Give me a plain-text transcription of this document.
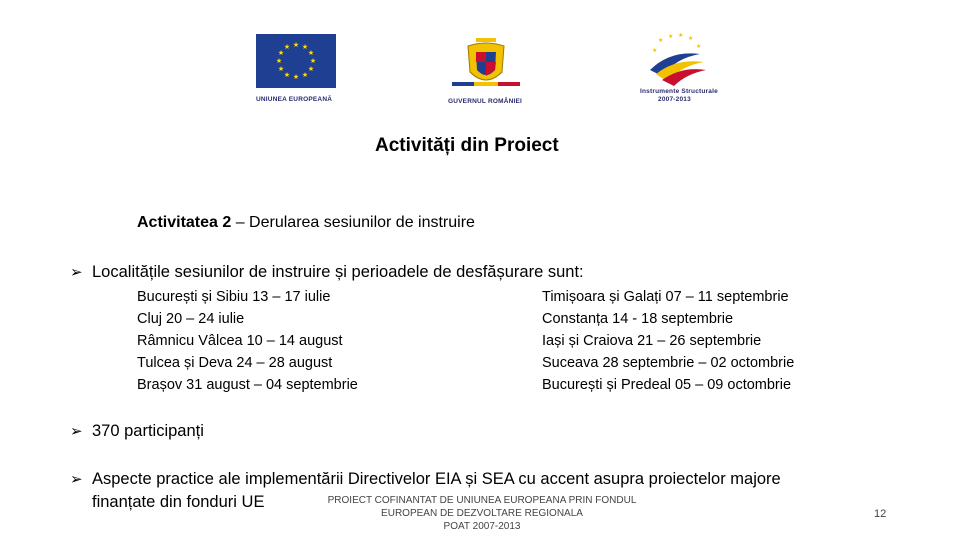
★ ★
★
★
★
★
★
★
★
★
★
★
UNIUNEA EUROPEANĂ	GUVERNUL ROMÂNIEI
★
★ ★ ★
★
★
Instrumente Structurale
2007-2013
Activități din Proiect
Activitatea 2 – Derularea sesiunilor de instruire
➢ Localitățile sesiunilor de instruire și perioadele de desfășurare sunt:
București și Sibiu 13 – 17 iulie
Cluj 20 – 24 iulie
Râmnicu Vâlcea 10 – 14 august
Tulcea și Deva 24 – 28 august
Brașov 31 august – 04 septembrie
Timișoara și Galați 07 – 11 septembrie
Constanța 14 - 18 septembrie
Iași și Craiova 21 – 26 septembrie
Suceava 28 septembrie – 02 octombrie
București și Predeal 05 – 09 octombrie
➢ 370 participanți
➢ Aspecte practice ale implementării Directivelor EIA și SEA cu accent asupra proiectelor majore
finanțate din fonduri UE	PROIECT COFINANTAT DE UNIUNEA EUROPEANA PRIN FONDUL
EUROPEAN DE DEZVOLTARE REGIONALA
POAT 2007-2013
12
